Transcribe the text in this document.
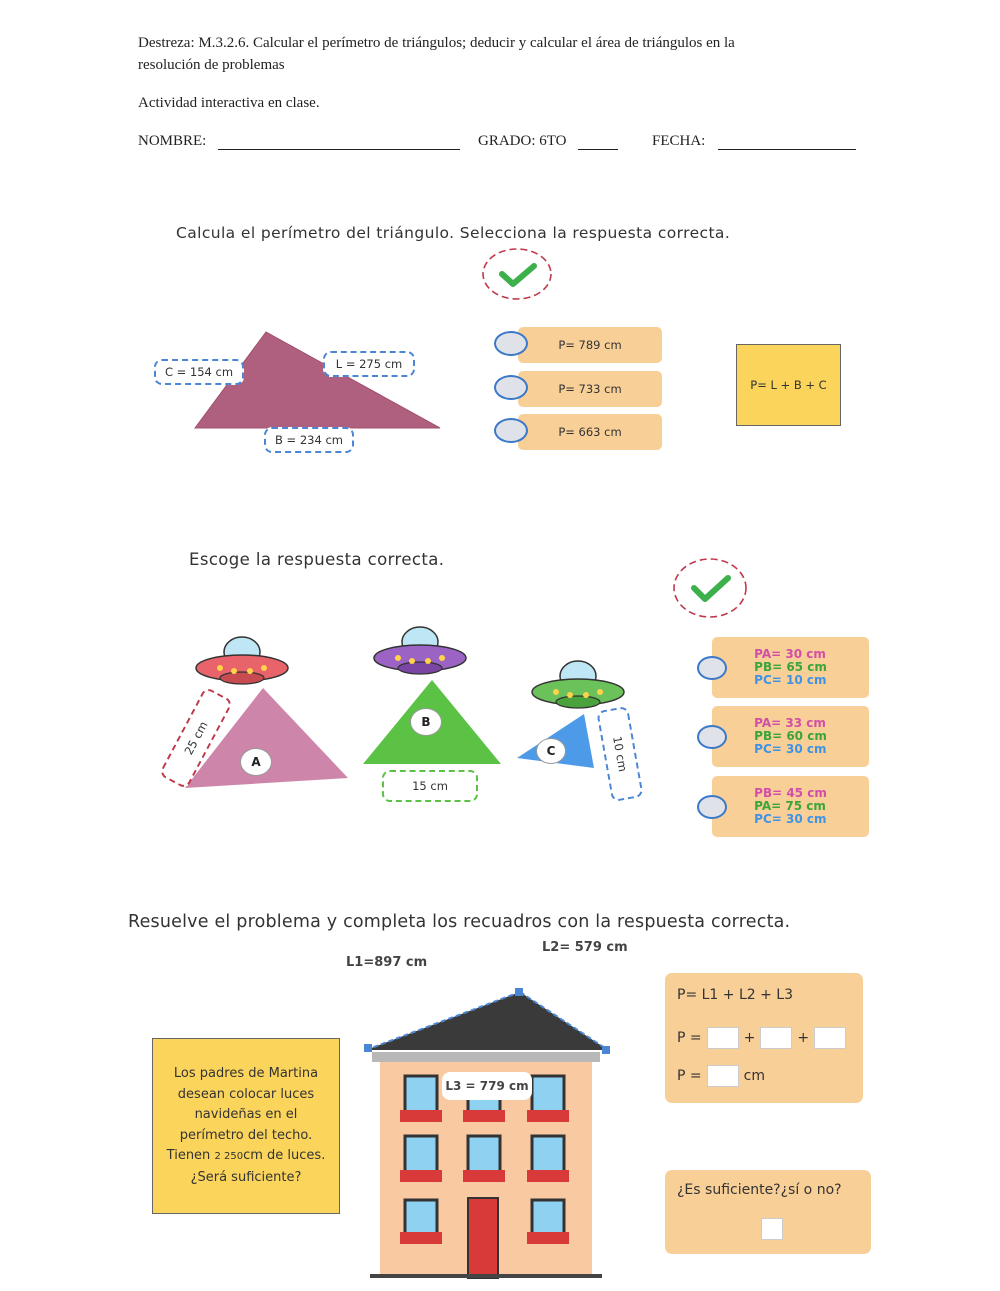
Destreza: M.3.2.6. Calcular el perímetro de triángulos; deducir y calcular el área de triángulos en la
resolución de problemas
Actividad interactiva en clase.
NOMBRE:	GRADO: 6TO	FECHA:
Calcula el perímetro del triángulo. Selecciona la respuesta correcta.
C = 154 cm
L = 275 cm
B = 234 cm
P= 789 cm
P= 733 cm
P= 663 cm
P= L + B + C
Escoge la respuesta correcta.
A
B
C
25 cm
15 cm
10 cm
PA= 30 cm
PB= 65 cm
PC= 10 cm
PA= 33 cm
PB= 60 cm
PC= 30 cm
PB= 45 cm
PA= 75 cm
PC= 30 cm
Resuelve el problema y completa los recuadros con la respuesta correcta.
L2= 579 cm
L1=897 cm
L3 = 779 cm
Los padres de Martina
desean colocar luces
navideñas en el
perímetro del techo.
Tienen 2 250cm de luces.
¿Será suficiente?
P= L1 + L2 + L3
P =	+	+
P =	cm
¿Es suficiente?¿sí o no?
